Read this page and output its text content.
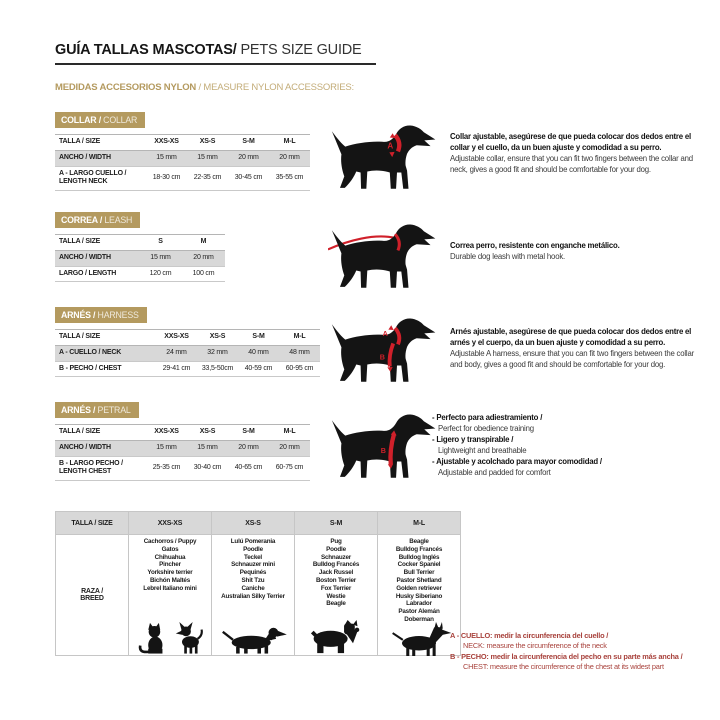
GUÍA TALLAS MASCOTAS/ PETS SIZE GUIDE
MEDIDAS ACCESORIOS NYLON / MEASURE NYLON ACCESSORIES:
COLLAR / COLLAR

TALLA / SIZE	XXS-XS	XS-S	S-M	M-L
ANCHO / WIDTH	15 mm	15 mm	20 mm	20 mm
A - LARGO CUELLO / LENGTH NECK	18-30 cm	22-35 cm	30-45 cm	35-55 cm
CORREA / LEASH

TALLA / SIZE	S	M
ANCHO / WIDTH	15 mm	20 mm
LARGO / LENGTH	120 cm	100 cm
ARNÉS / HARNESS

TALLA / SIZE	XXS-XS	XS-S	S-M	M-L
A - CUELLO / NECK	24 mm	32 mm	40 mm	48 mm
B - PECHO / CHEST	29-41 cm	33,5-50cm	40-59 cm	60-95 cm
ARNÉS / PETRAL

TALLA / SIZE	XXS-XS	XS-S	S-M	M-L
ANCHO / WIDTH	15 mm	15 mm	20 mm	20 mm
B - LARGO PECHO / LENGTH CHEST	25-35 cm	30-40 cm	40-65 cm	60-75 cm
A
A
B
B
Collar ajustable, asegúrese de que pueda colocar dos dedos entre el collar y el cuello, da un buen ajuste y comodidad a su perro.
Adjustable collar, ensure that you can fit two fingers between the collar and neck, gives a good fit and should be comfortable for your dog.
Correa perro, resistente con enganche metálico.
Durable dog leash with metal hook.
Arnés ajustable, asegúrese de que pueda colocar dos dedos entre el arnés y el cuerpo, da un buen ajuste y comodidad a su perro.
Adjustable A harness, ensure that you can fit two fingers between the collar and body, gives a good fit and should be comfortable for your dog.
- Perfecto para adiestramiento /
Perfect for obedience training
- Ligero y transpirable /
Lightweight and breathable
- Ajustable y acolchado para mayor comodidad /
Adjustable and padded for comfort
TALLA / SIZE	XXS-XS	XS-S	S-M	M-L
RAZA / BREED	
Cachorros / Puppy
Gatos
Chihuahua
Pincher
Yorkshire terrier
Bichón Maltés
Lebrel Italiano mini

Lulú Pomerania
Poodle
Teckel
Schnauzer mini
Pequinés
Shit Tzu
Caniche
Australian Silky Terrier

Pug
Poodle
Schnauzer
Bulldog Francés
Jack Russel
Boston Terrier
Fox Terrier
Westie
Beagle

Beagle
Bulldog Francés
Bulldog Inglés
Cocker Spaniel
Bull Terrier
Pastor Shetland
Golden retriever
Husky Siberiano
Labrador
Pastor Alemán
Doberman
A - CUELLO: medir la circunferencia del cuello /
NECK: measure the circumference of the neck
B - PECHO: medir la circunferencia del pecho en su parte más ancha /
CHEST: measure the circumference of the chest at its widest part
